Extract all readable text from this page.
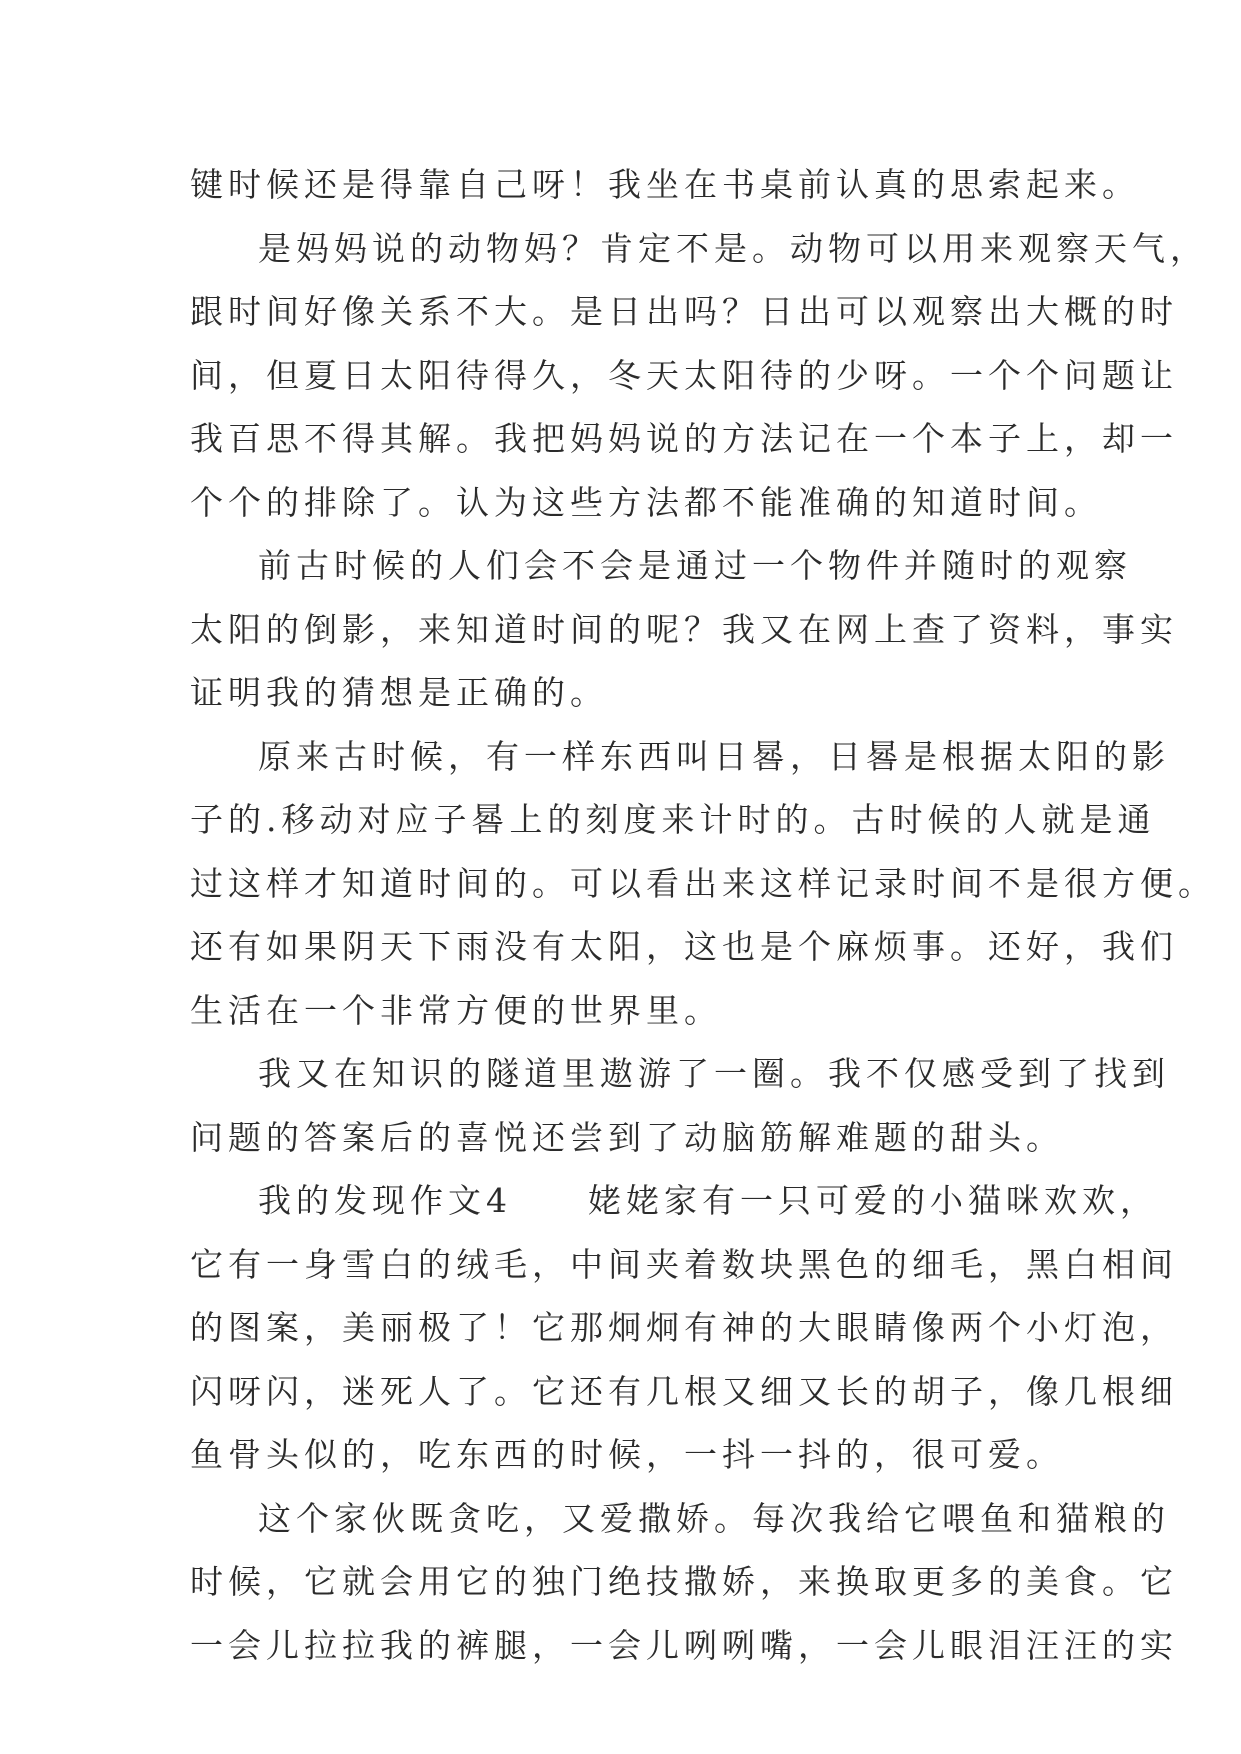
键时候还是得靠自己呀！我坐在书桌前认真的思索起来。
是妈妈说的动物妈？肯定不是。动物可以用来观察天气，
跟时间好像关系不大。是日出吗？日出可以观察出大概的时
间，但夏日太阳待得久，冬天太阳待的少呀。一个个问题让
我百思不得其解。我把妈妈说的方法记在一个本子上，却一
个个的排除了。认为这些方法都不能准确的知道时间。
前古时候的人们会不会是通过一个物件并随时的观察
太阳的倒影，来知道时间的呢？我又在网上查了资料，事实
证明我的猜想是正确的。
原来古时候，有一样东西叫日晷，日晷是根据太阳的影
子的.移动对应子晷上的刻度来计时的。古时候的人就是通
过这样才知道时间的。可以看出来这样记录时间不是很方便。
还有如果阴天下雨没有太阳，这也是个麻烦事。还好，我们
生活在一个非常方便的世界里。
我又在知识的隧道里遨游了一圈。我不仅感受到了找到
问题的答案后的喜悦还尝到了动脑筋解难题的甜头。
我的发现作文4　　姥姥家有一只可爱的小猫咪欢欢，
它有一身雪白的绒毛，中间夹着数块黑色的细毛，黑白相间
的图案，美丽极了！它那炯炯有神的大眼睛像两个小灯泡，
闪呀闪，迷死人了。它还有几根又细又长的胡子，像几根细
鱼骨头似的，吃东西的时候，一抖一抖的，很可爱。
这个家伙既贪吃，又爱撒娇。每次我给它喂鱼和猫粮的
时候，它就会用它的独门绝技撒娇，来换取更多的美食。它
一会儿拉拉我的裤腿，一会儿咧咧嘴，一会儿眼泪汪汪的实
